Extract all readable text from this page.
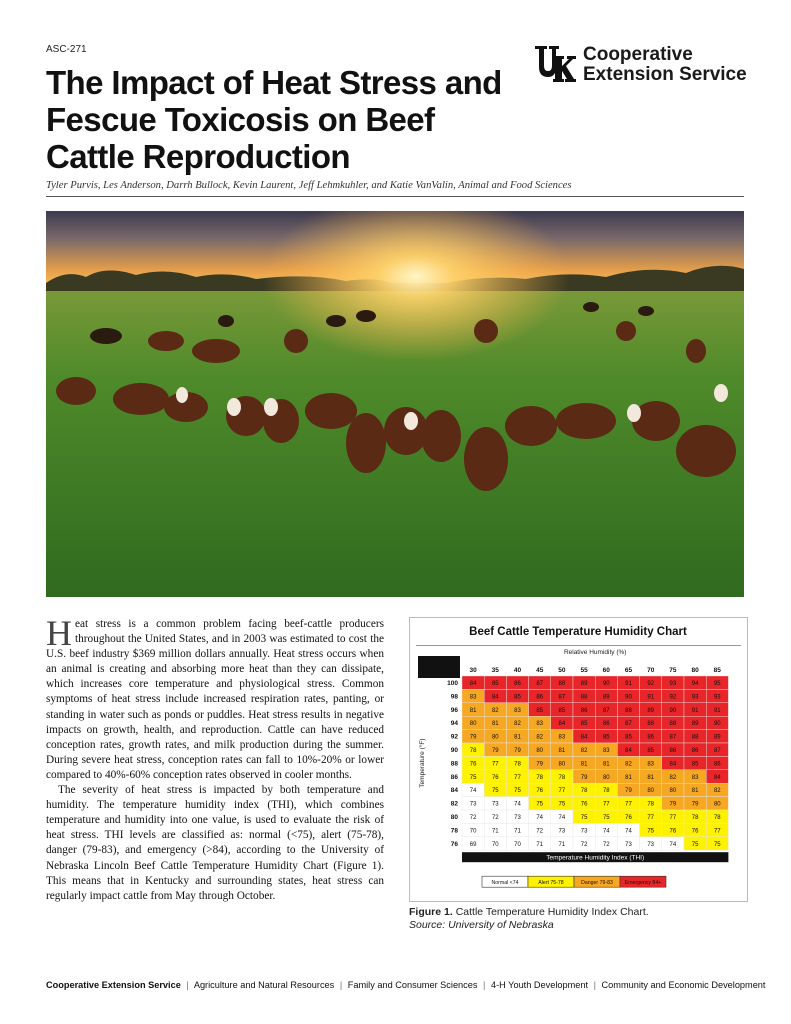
ASC-271	Cooperative
Extension Service
The Impact of Heat Stress and Fescue Toxicosis on Beef Cattle Reproduction
Tyler Purvis, Les Anderson, Darrh Bullock, Kevin Laurent, Jeff Lehmkuhler, and Katie VanValin, Animal and Food Sciences

Heat stress is a common problem facing beef-cattle producers throughout the United States, and in 2003 was estimated to cost the U.S. beef industry $369 million dollars annually. Heat stress occurs when an animal is creating and absorbing more heat than they can dissipate, which increases core temperature and physiological stress. Common symptoms of heat stress include increased respiration rates, panting, or standing in water such as ponds or puddles. Heat stress results in negative impacts on growth, health, and reproduction. Cattle can have reduced conception rates, growth rates, and milk production during the summer. During severe heat stress, conception rates can fall to 10%-20% or lower compared to 40%-60% conception rates observed in cooler months.

The severity of heat stress is impacted by both temperature and humidity. The temperature humidity index (THI), which combines temperature and humidity into one value, is used to evaluate the risk of heat stress. THI levels are classified as: normal (<75), alert (75-78), danger (79-83), and emergency (>84), according to the University of Nebraska Lincoln Beef Cattle Temperature Humidity Chart (Figure 1). This means that in Kentucky and surrounding states, heat stress can regularly impact cattle from May through October.

Beef Cattle Temperature Humidity Chart
Relative Humidity (%)
30 35 40 45 50 55 60 65 70 75 80 85
Temperature (°F)
100 84	85	86	87	88	89	90	91	92	93	94	95
98 83	84	85	86	87	88	89	90	91	92	93	93
96 81	82	83	85	85	86	87	88	89	90	91	91
94 80	81	82	83	84	85	86	87	88	88	89	90
92 79	80	81	82	83	84	85	85	86	87	88	89
90 78	79	79	80	81	82	83	84	85	86	86	87
88 76	77	78	79	80	81	81	82	83	84	85	86
86 75	76	77	78	78	79	80	81	81	82	83	84
84 74	75	75	76	77	78	78	79	80	80	81	82
82 73	73	74	75	75	76	77	77	78	79	79	80
80 72	72	73	74	74	75	75	76	77	77	78	78
78 70	71	71	72	73	73	74	74	75	76	76	77
76 69	70	70	71	71	72	72	73	73	74	75	75
Temperature Humidity Index (THI)
Normal <74	Alert 75-78	Danger 79-83 Emergency 84+
Figure 1. Cattle Temperature Humidity Index Chart.
Source: University of Nebraska
Cooperative Extension Service | Agriculture and Natural Resources | Family and Consumer Sciences | 4-H Youth Development | Community and Economic Development
